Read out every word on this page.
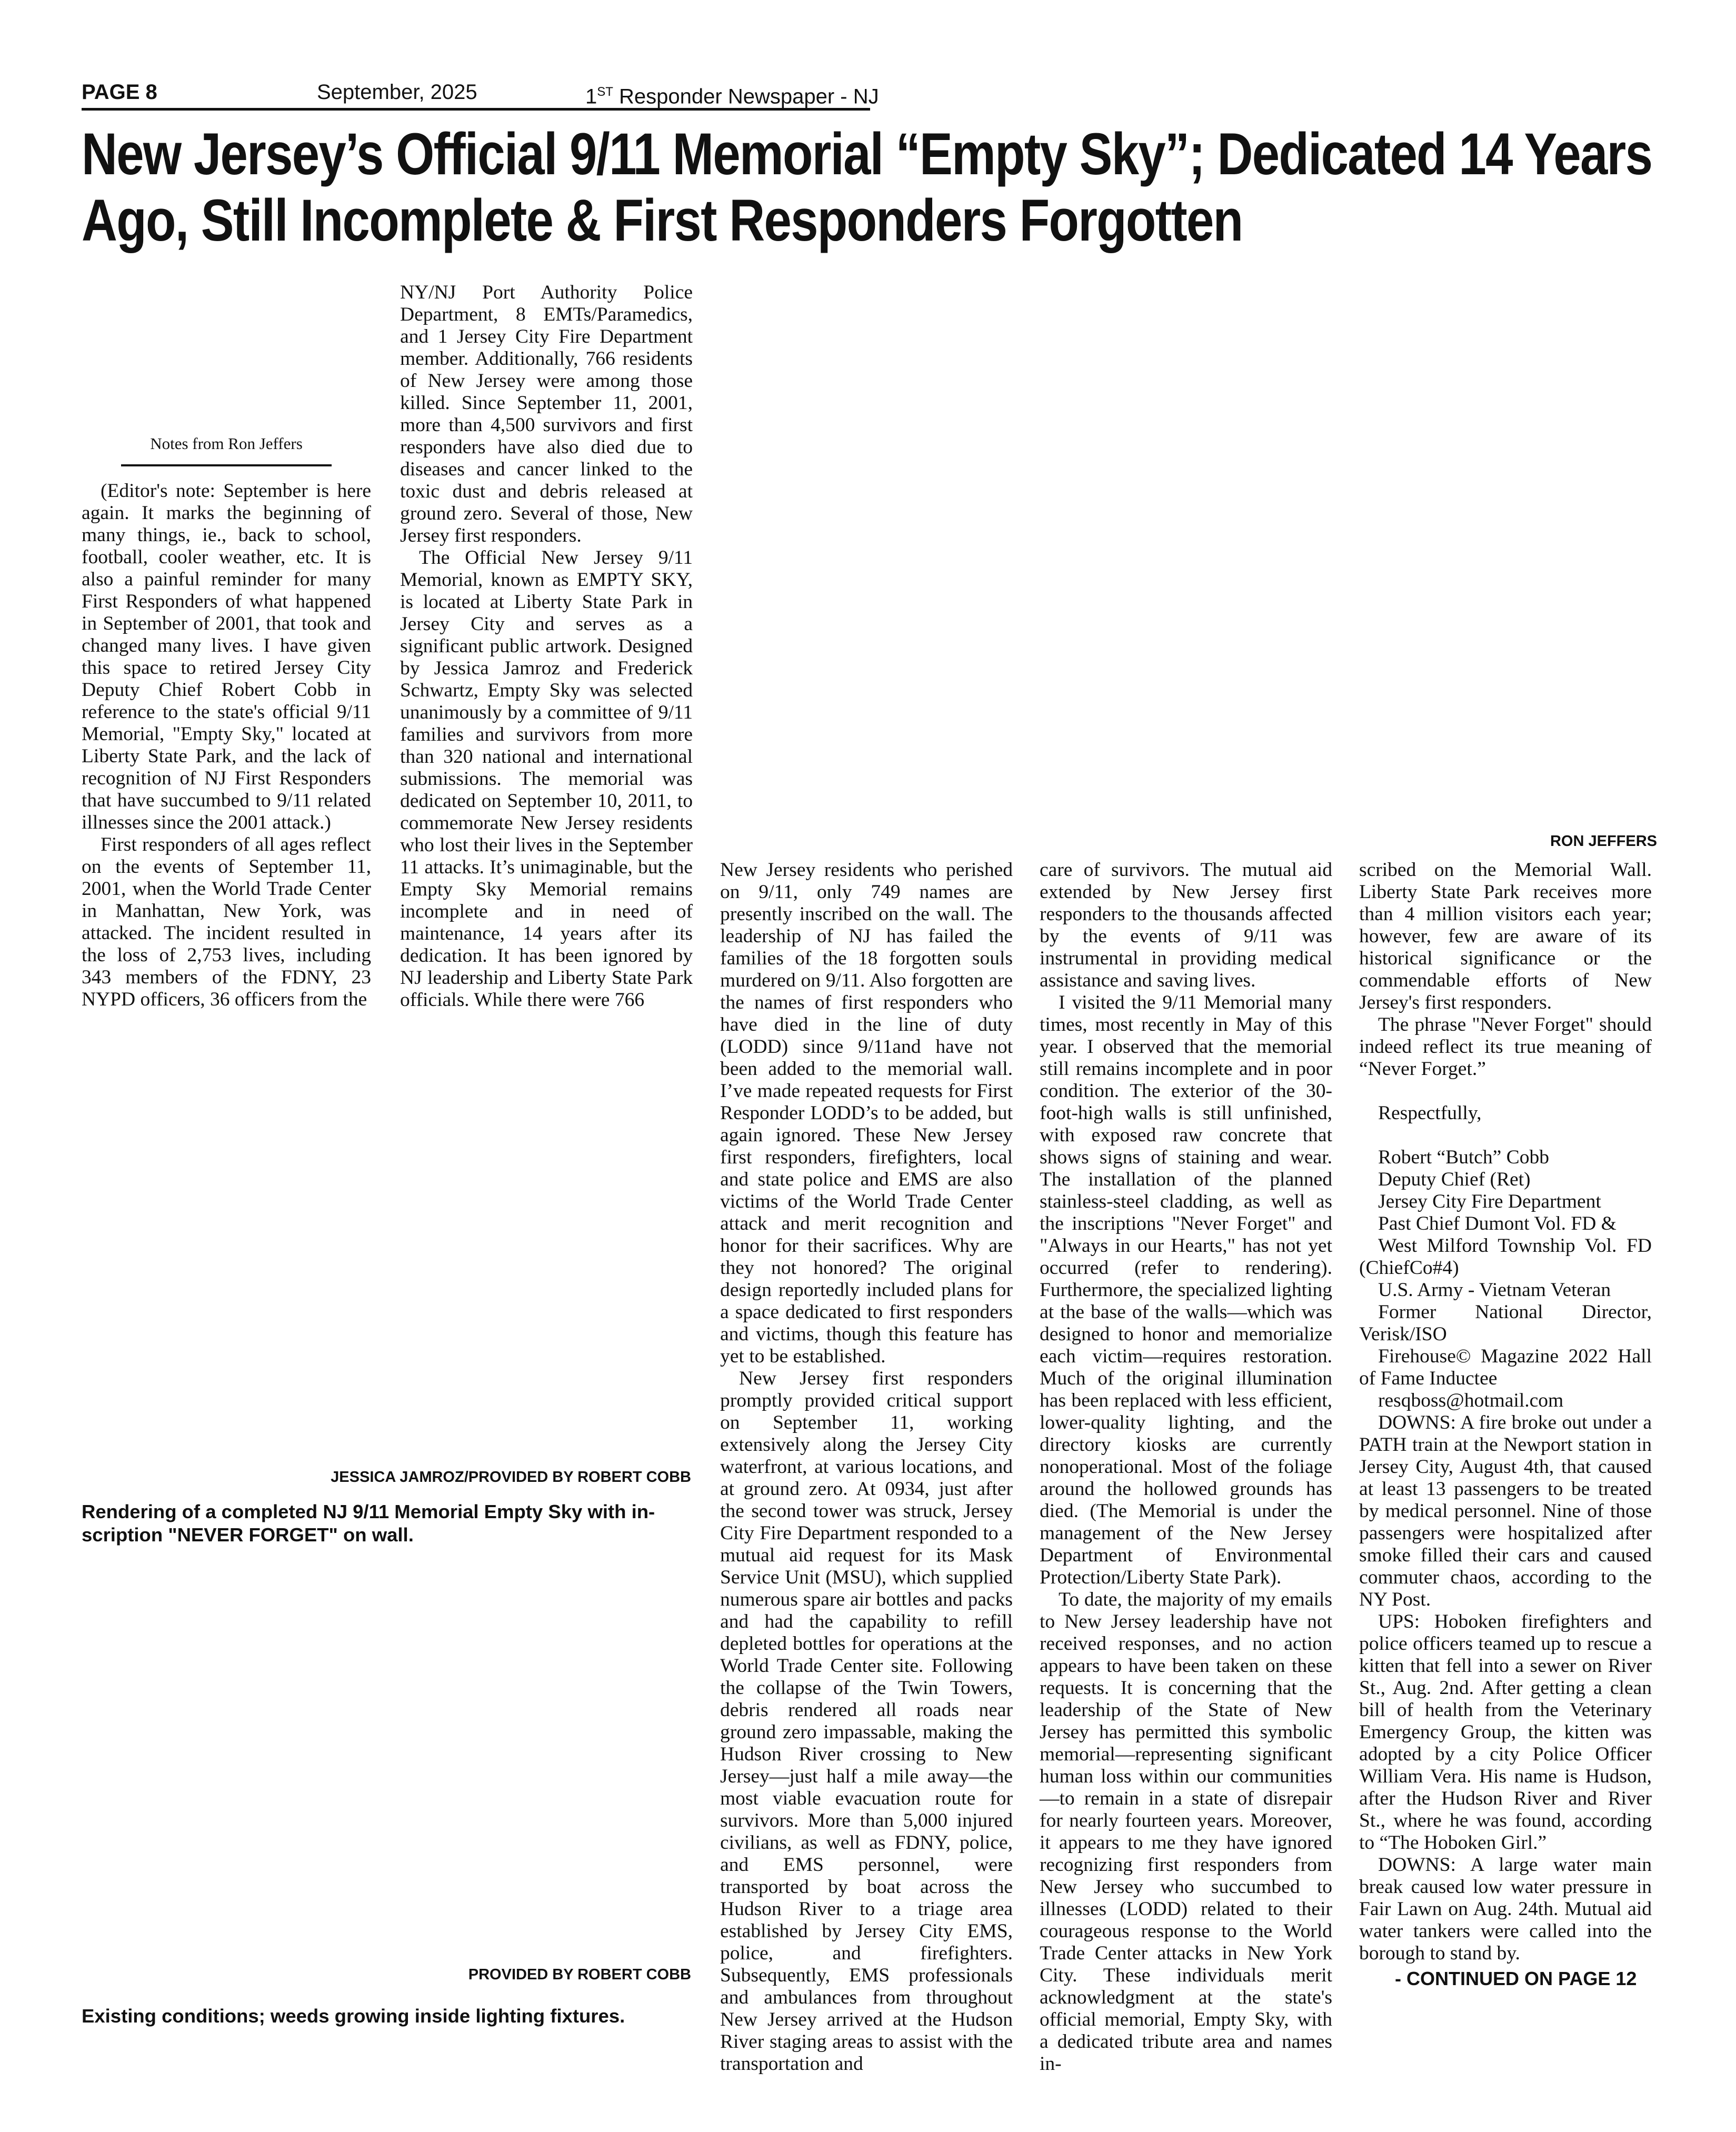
PAGE 8	September, 2025	1ST Responder Newspaper - NJ
New Jersey’s Official 9/11 Memorial “Empty Sky”; Dedicated 14 Years
Ago, Still Incomplete & First Responders Forgotten
RON JEFFERS
JESSICA JAMROZ/PROVIDED BY ROBERT COBB
PROVIDED BY ROBERT COBB
Rendering of a completed NJ 9/11 Memorial Empty Sky with in-
scription "NEVER FORGET" on wall.
Existing conditions; weeds growing inside lighting fixtures.
Notes from Ron Jeffers

(Editor's note: September is here again. It marks the beginning of many things, ie., back to school, football, cooler weather, etc. It is also a painful reminder for many First Responders of what happened in September of 2001, that took and changed many lives. I have given this space to retired Jersey City Deputy Chief Robert Cobb in reference to the state's official 9/11 Memorial, "Empty Sky," located at Liberty State Park, and the lack of recognition of NJ First Responders that have succumbed to 9/11 related illnesses since the 2001 attack.)

First responders of all ages reflect on the events of September 11, 2001, when the World Trade Center in Manhattan, New York, was attacked. The incident resulted in the loss of 2,753 lives, including 343 members of the FDNY, 23 NYPD officers, 36 officers from the

NY/NJ Port Authority Police Department, 8 EMTs/Paramedics, and 1 Jersey City Fire Department member. Additionally, 766 residents of New Jersey were among those killed. Since September 11, 2001, more than 4,500 survivors and first responders have also died due to diseases and cancer linked to the toxic dust and debris released at ground zero. Several of those, New Jersey first responders.

The Official New Jersey 9/11 Memorial, known as EMPTY SKY, is located at Liberty State Park in Jersey City and serves as a significant public artwork. Designed by Jessica Jamroz and Frederick Schwartz, Empty Sky was selected unanimously by a committee of 9/11 families and survivors from more than 320 national and international submissions. The memorial was dedicated on September 10, 2011, to commemorate New Jersey residents who lost their lives in the September 11 attacks. It’s unimaginable, but the Empty Sky Memorial remains incomplete and in need of maintenance, 14 years after its dedication. It has been ignored by NJ leadership and Liberty State Park officials. While there were 766

New Jersey residents who perished on 9/11, only 749 names are presently inscribed on the wall. The leadership of NJ has failed the families of the 18 forgotten souls murdered on 9/11. Also forgotten are the names of first responders who have died in the line of duty (LODD) since 9/11and have not been added to the memorial wall. I’ve made repeated requests for First Responder LODD’s to be added, but again ignored. These New Jersey first responders, firefighters, local and state police and EMS are also victims of the World Trade Center attack and merit recognition and honor for their sacrifices. Why are they not honored? The original design reportedly included plans for a space dedicated to first responders and victims, though this feature has yet to be established.

New Jersey first responders promptly provided critical support on September 11, working extensively along the Jersey City waterfront, at various locations, and at ground zero. At 0934, just after the second tower was struck, Jersey City Fire Department responded to a mutual aid request for its Mask Service Unit (MSU), which supplied numerous spare air bottles and packs and had the capability to refill depleted bottles for operations at the World Trade Center site. Following the collapse of the Twin Towers, debris rendered all roads near ground zero impassable, making the Hudson River crossing to New Jersey—just half a mile away—the most viable evacuation route for survivors. More than 5,000 injured civilians, as well as FDNY, police, and EMS personnel, were transported by boat across the Hudson River to a triage area established by Jersey City EMS, police, and firefighters. Subsequently, EMS professionals and ambulances from throughout New Jersey arrived at the Hudson River staging areas to assist with the transportation and

care of survivors. The mutual aid extended by New Jersey first responders to the thousands affected by the events of 9/11 was instrumental in providing medical assistance and saving lives.

I visited the 9/11 Memorial many times, most recently in May of this year. I observed that the memorial still remains incomplete and in poor condition. The exterior of the 30-foot-high walls is still unfinished, with exposed raw concrete that shows signs of staining and wear. The installation of the planned stainless-steel cladding, as well as the inscriptions "Never Forget" and "Always in our Hearts," has not yet occurred (refer to rendering). Furthermore, the specialized lighting at the base of the walls—which was designed to honor and memorialize each victim—requires restoration. Much of the original illumination has been replaced with less efficient, lower-quality lighting, and the directory kiosks are currently nonoperational. Most of the foliage around the hollowed grounds has died. (The Memorial is under the management of the New Jersey Department of Environmental Protection/Liberty State Park).

To date, the majority of my emails to New Jersey leadership have not received responses, and no action appears to have been taken on these requests. It is concerning that the leadership of the State of New Jersey has permitted this symbolic memorial—representing significant human loss within our communities—to remain in a state of disrepair for nearly fourteen years. Moreover, it appears to me they have ignored recognizing first responders from New Jersey who succumbed to illnesses (LODD) related to their courageous response to the World Trade Center attacks in New York City. These individuals merit acknowledgment at the state's official memorial, Empty Sky, with a dedicated tribute area and names in-

scribed on the Memorial Wall. Liberty State Park receives more than 4 million visitors each year; however, few are aware of its historical significance or the commendable efforts of New Jersey's first responders.

The phrase "Never Forget" should indeed reflect its true meaning of “Never Forget.”

Respectfully,

Robert “Butch” Cobb

Deputy Chief (Ret)

Jersey City Fire Department

Past Chief Dumont Vol. FD &

West Milford Township Vol. FD (ChiefCo#4)

U.S. Army - Vietnam Veteran

Former National Director, Verisk/ISO

Firehouse© Magazine 2022 Hall of Fame Inductee

resqboss@hotmail.com

DOWNS: A fire broke out under a PATH train at the Newport station in Jersey City, August 4th, that caused at least 13 passengers to be treated by medical personnel. Nine of those passengers were hospitalized after smoke filled their cars and caused commuter chaos, according to the NY Post.

UPS: Hoboken firefighters and police officers teamed up to rescue a kitten that fell into a sewer on River St., Aug. 2nd. After getting a clean bill of health from the Veterinary Emergency Group, the kitten was adopted by a city Police Officer William Vera. His name is Hudson, after the Hudson River and River St., where he was found, according to “The Hoboken Girl.”

DOWNS: A large water main break caused low water pressure in Fair Lawn on Aug. 24th. Mutual aid water tankers were called into the borough to stand by.

- CONTINUED ON PAGE 12
